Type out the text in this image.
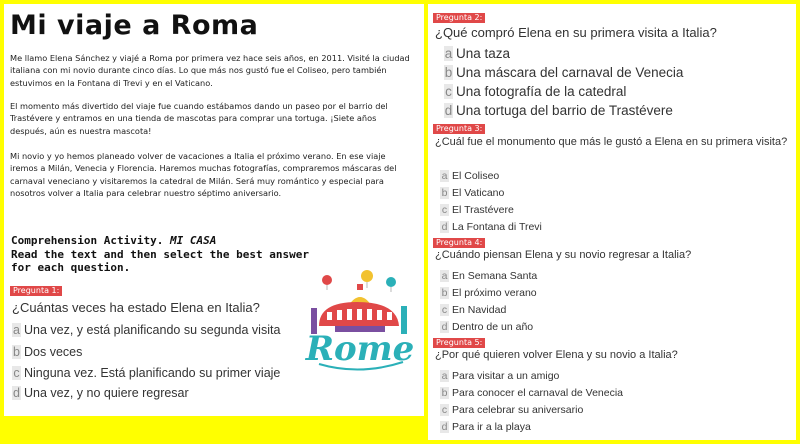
Mi viaje a Roma

Me llamo Elena Sánchez y viajé a Roma por primera vez hace seis años, en 2011. Visité la ciudad italiana con mi novio durante cinco días. Lo que más nos gustó fue el Coliseo, pero también estuvimos en la Fontana di Trevi y en el Vaticano.

El momento más divertido del viaje fue cuando estábamos dando un paseo por el barrio del Trastévere y entramos en una tienda de mascotas para comprar una tortuga. ¡Siete años después, aún es nuestra mascota!

Mi novio y yo hemos planeado volver de vacaciones a Italia el próximo verano. En ese viaje iremos a Milán, Venecia y Florencia. Haremos muchas fotografías, compraremos máscaras del carnaval veneciano y visitaremos la catedral de Milán. Será muy romántico y especial para nosotros volver a Italia para celebrar nuestro séptimo aniversario.

Comprehension Activity. MI CASA
Read the text and then select the best answer for each question.
Rome
Pregunta 1:
¿Cuántas veces ha estado Elena en Italia?
a Una vez, y está planificando su segunda visita
b Dos veces
c Ninguna vez. Está planificando su primer viaje
d Una vez, y no quiere regresar
Pregunta 2:
¿Qué compró Elena en su primera visita a Italia?
a Una taza
b Una máscara del carnaval de Venecia
c Una fotografía de la catedral
d Una tortuga del barrio de Trastévere
Pregunta 3:
¿Cuál fue el monumento que más le gustó a Elena en su primera visita?
a El Coliseo
b El Vaticano
c El Trastévere
d La Fontana di Trevi
Pregunta 4:
¿Cuándo piensan Elena y su novio regresar a Italia?
a En Semana Santa
b El próximo verano
c En Navidad
d Dentro de un año
Pregunta 5:
¿Por qué quieren volver Elena y su novio a Italia?
a Para visitar a un amigo
b Para conocer el carnaval de Venecia
c Para celebrar su aniversario
d Para ir a la playa
